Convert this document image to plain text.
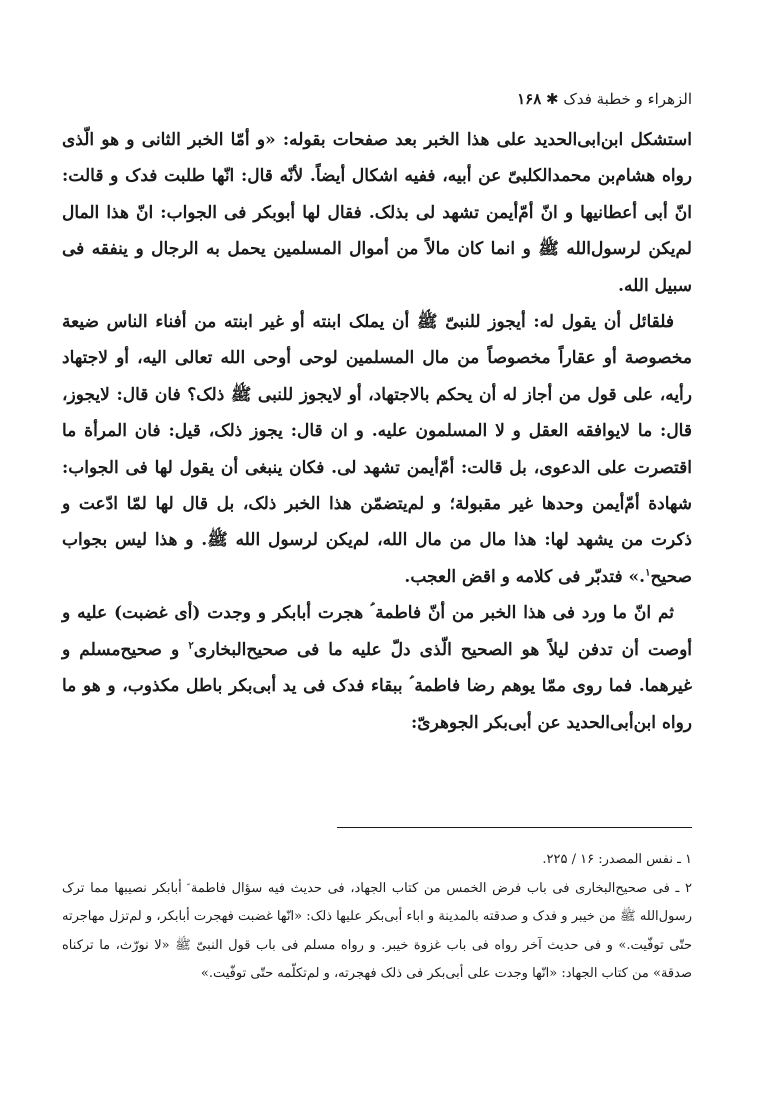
الزهراء و خطبة فدک ✱ ١۶٨

استشکل ابن‌ابی‌الحدید علی هذا الخبر بعد صفحات بقوله: «و أمّا الخبر الثانی و هو الّذی رواه هشام‌بن محمدالکلبیّ عن أبیه، ففیه اشکال أیضاً. لأنّه قال: انّها طلبت فدک و قالت: انّ أبی أعطانیها و انّ أمّ‌أیمن تشهد لی بذلک. فقال لها أبوبکر فی الجواب: انّ هذا المال لم‌یکن لرسول‌الله ﷺ و انما کان مالاً من أموال المسلمین یحمل به الرجال و ینفقه فی سبیل الله.

فلقائل أن یقول له: أیجوز للنبیّ ﷺ أن یملک ابنته أو غیر ابنته من أفناء الناس ضیعة مخصوصة أو عقاراً مخصوصاً من مال المسلمین لوحی أوحی الله تعالی الیه، أو لاجتهاد رأیه، علی قول من أجاز له أن یحکم بالاجتهاد، أو لایجوز للنبی ﷺ ذلک؟ فان قال: لایجوز، قال: ما لایوافقه العقل و لا المسلمون علیه. و ان قال: یجوز ذلک، قیل: فان المرأة ما اقتصرت علی الدعوی، بل قالت: أمّ‌أیمن تشهد لی. فکان ینبغی أن یقول لها فی الجواب: شهادة أمّ‌أیمن وحدها غیر مقبولة؛ و لم‌یتضمّن هذا الخبر ذلک، بل قال لها لمّا ادّعت و ذکرت من یشهد لها: هذا مال من مال الله، لم‌یکن لرسول الله ﷺ. و هذا لیس بجواب صحیح$^١$.» فتدبّر فی کلامه و اقض العجب.

ثم انّ ما ورد فی هذا الخبر من أنّ فاطمة ؑ هجرت أبابکر و وجدت (أی غضبت) علیه و أوصت أن تدفن لیلاً هو الصحیح الّذی دلّ علیه ما فی صحیح‌البخاری$^٢$ و صحیح‌مسلم و غیرهما. فما روی ممّا یوهم رضا فاطمة ؑ ببقاء فدک فی ید أبی‌بکر باطل مکذوب، و هو ما رواه ابن‌أبی‌الحدید عن أبی‌بکر الجوهریّ:

١ ـ نفس المصدر: ١۶ / ٢٢۵.

٢ ـ فی صحیح‌البخاری فی باب فرض الخمس من کتاب الجهاد، فی حدیث فیه سؤال فاطمة ؑ أبابکر نصیبها مما ترک رسول‌الله ﷺ من خیبر و فدک و صدقته بالمدینة و اباء أبی‌بکر علیها ذلک: «انّها غضبت فهجرت أبابکر، و لم‌تزل مهاجرته حتّی توفّیت.» و فی حدیث آخر رواه فی باب غزوة خیبر. و رواه مسلم فی باب قول النبیّ ﷺ «لا نورّث، ما ترکناه صدقة» من کتاب الجهاد: «انّها وجدت علی أبی‌بکر فی ذلک فهجرته، و لم‌تکلّمه حتّی توفّیت.»
